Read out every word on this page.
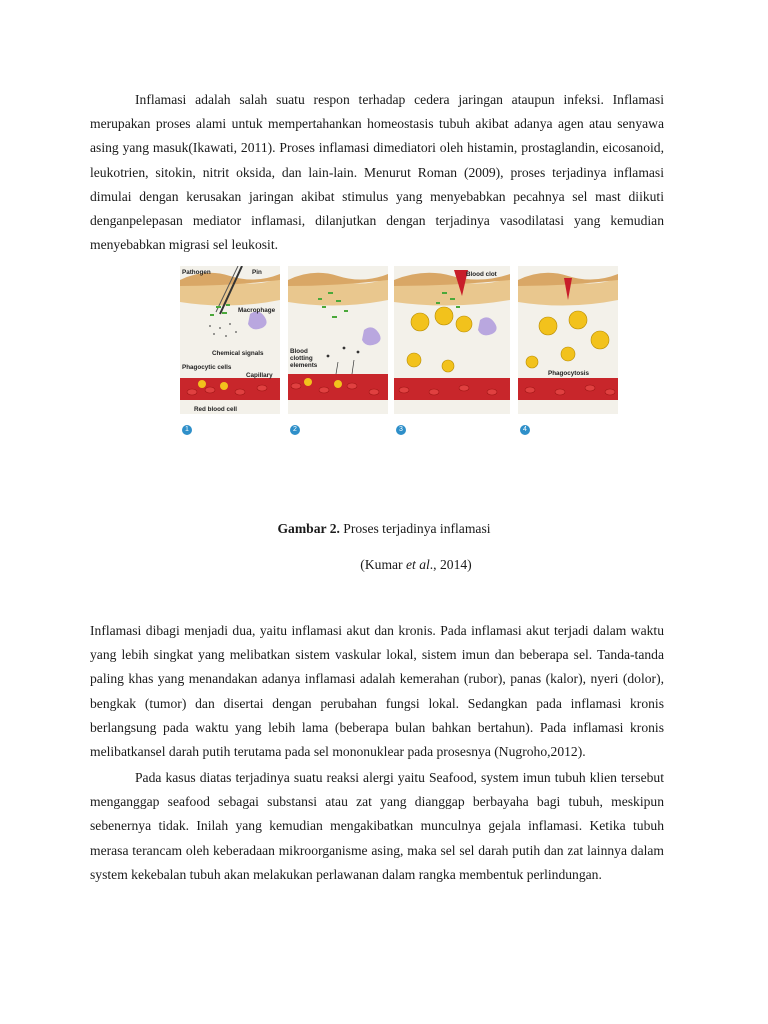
Inflamasi adalah salah suatu respon terhadap cedera jaringan ataupun infeksi. Inflamasi merupakan proses alami untuk mempertahankan homeostasis tubuh akibat adanya agen atau senyawa asing yang masuk(Ikawati, 2011). Proses inflamasi dimediatori oleh histamin, prostaglandin, eicosanoid, leukotrien, sitokin, nitrit oksida, dan lain-lain. Menurut Roman (2009), proses terjadinya inflamasi dimulai dengan kerusakan jaringan akibat stimulus yang menyebabkan pecahnya sel mast diikuti denganpelepasan mediator inflamasi, dilanjutkan dengan terjadinya vasodilatasi yang kemudian menyebabkan migrasi sel leukosit.

Pathogen	Pin
Macrophage
Chemical signals
Phagocytic cells
Capillary
Red blood cell
Blood
clotting
elements
Blood clot
Phagocytosis
1	2	3	4
Gambar 2. Proses terjadinya inflamasi
(Kumar et al., 2014)

Inflamasi dibagi menjadi dua, yaitu inflamasi akut dan kronis. Pada inflamasi akut terjadi dalam waktu yang lebih singkat yang melibatkan sistem vaskular lokal, sistem imun dan beberapa sel. Tanda-tanda paling khas yang menandakan adanya inflamasi adalah kemerahan (rubor), panas (kalor), nyeri (dolor), bengkak (tumor) dan disertai dengan perubahan fungsi lokal. Sedangkan pada inflamasi kronis berlangsung pada waktu yang lebih lama (beberapa bulan bahkan bertahun). Pada inflamasi kronis melibatkansel darah putih terutama pada sel mononuklear pada prosesnya (Nugroho,2012).

Pada kasus diatas terjadinya suatu reaksi alergi yaitu Seafood, system imun tubuh klien tersebut menganggap seafood sebagai substansi atau zat yang dianggap berbayaha bagi tubuh, meskipun sebenernya tidak. Inilah yang kemudian mengakibatkan munculnya gejala inflamasi. Ketika tubuh merasa terancam oleh keberadaan mikroorganisme asing, maka sel sel darah putih dan zat lainnya dalam system kekebalan tubuh akan melakukan perlawanan dalam rangka membentuk perlindungan.
